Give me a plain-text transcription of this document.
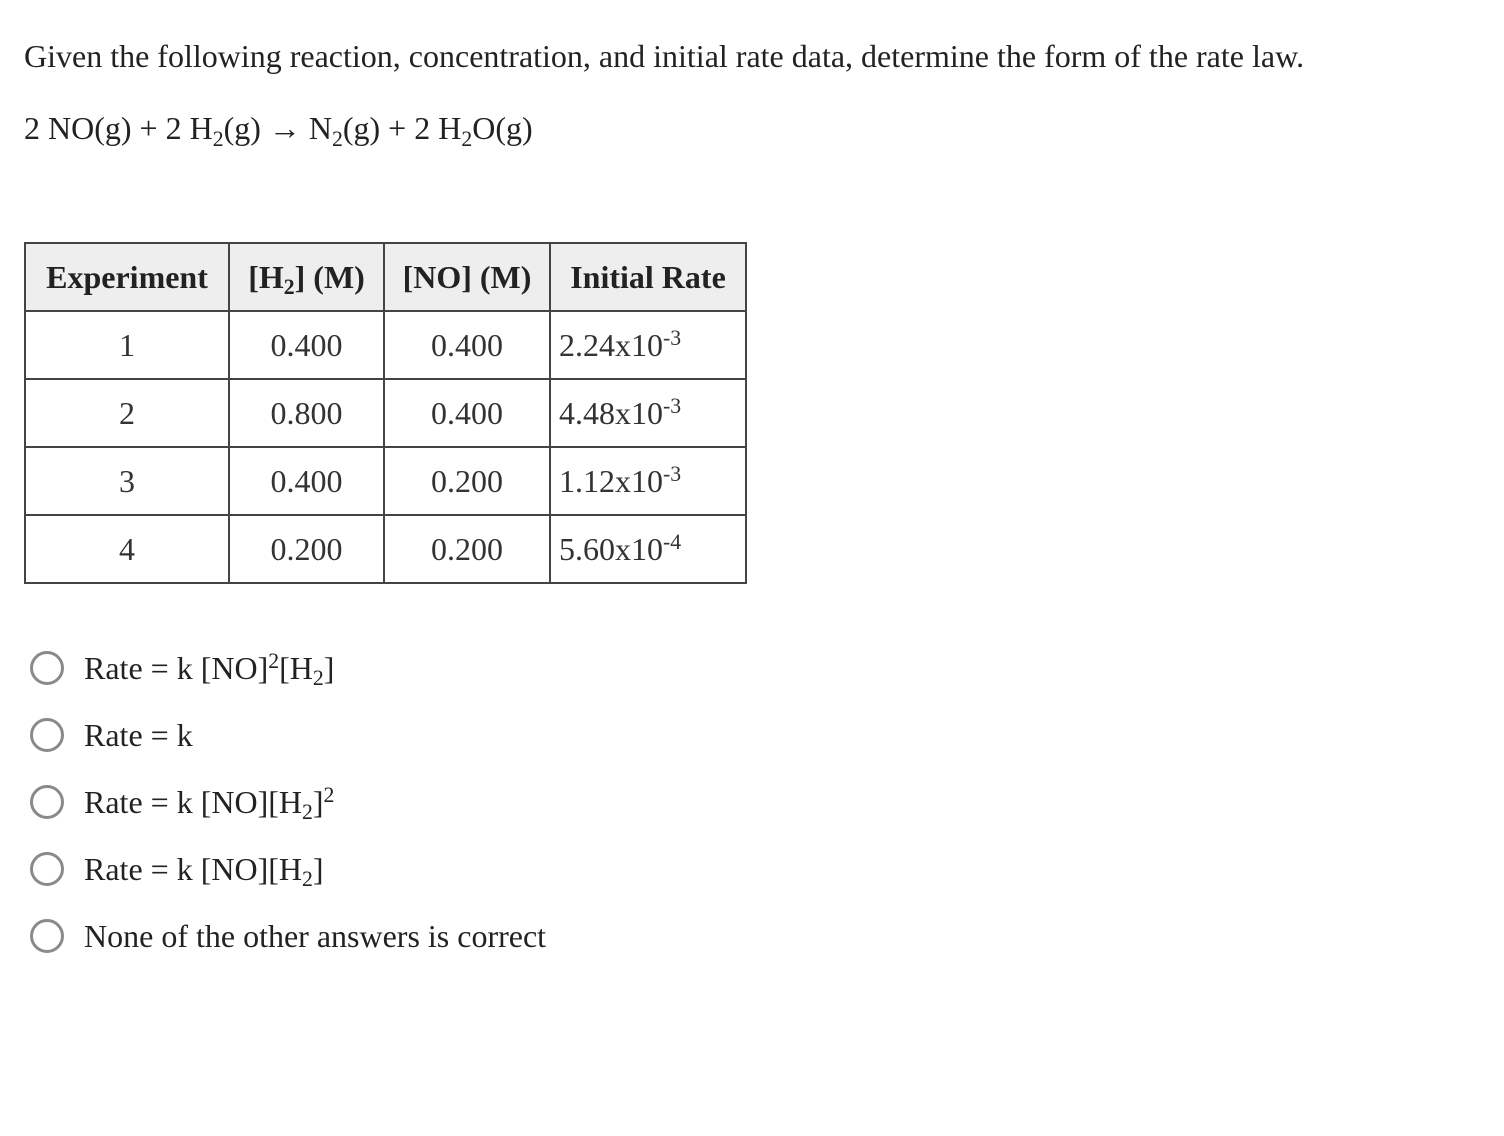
Given the following reaction, concentration, and initial rate data, determine the form of the rate law.
2 NO(g) + 2 $H_2(g) \to N_2(g) + 2$ $H_2O(g)$
Experiment	$[H_2]$ (M)	[NO] (M)	Initial Rate
1	0.400	0.400	$2.24x10^{-3}$
2	0.800	0.400	$4.48x10^{-3}$
3	0.400	0.200	$1.12x10^{-3}$
4	0.200	0.200	$5.60x10^{-4}$
Rate = k $[NO]^2[H_2]$
Rate = k
Rate = k $[NO][H_2]^2$
Rate = k $[NO][H_2]$
None of the other answers is correct
